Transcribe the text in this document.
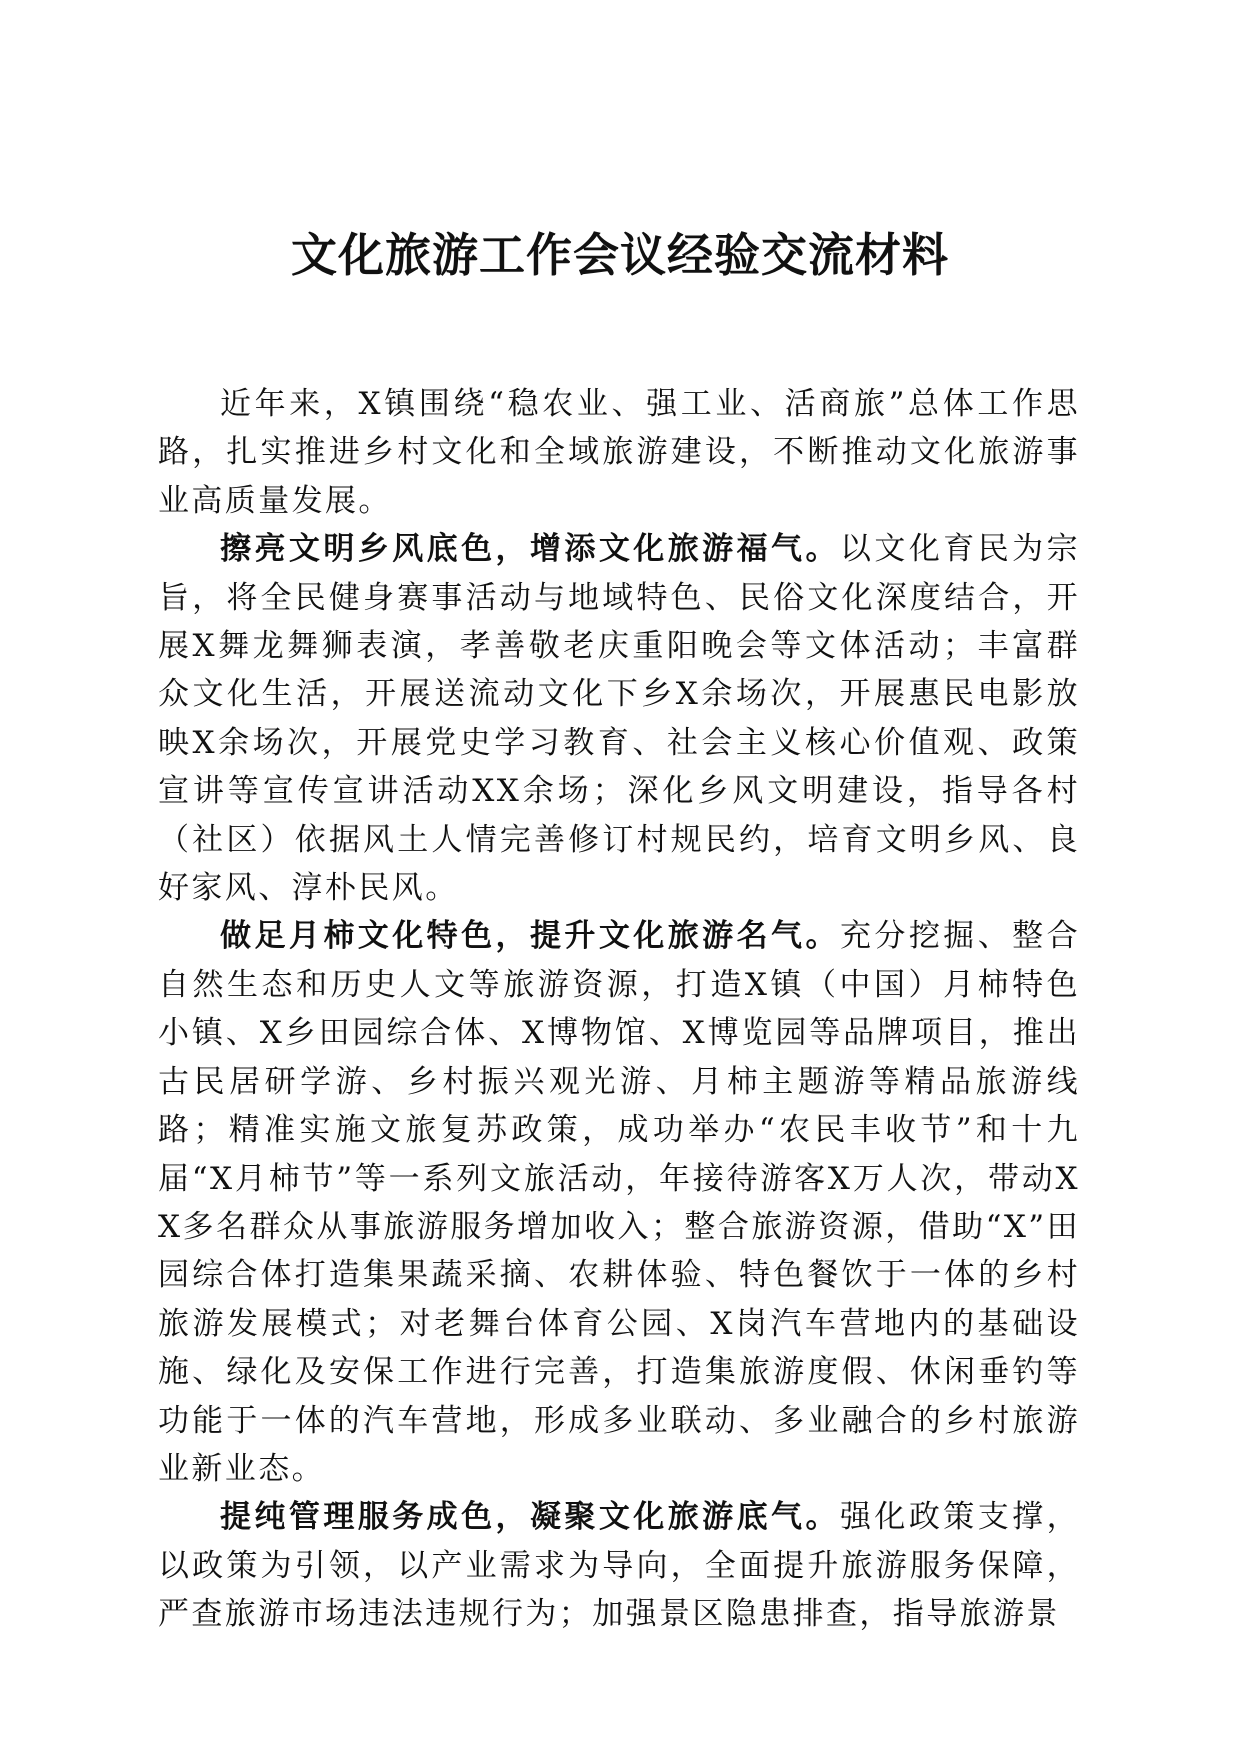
文化旅游工作会议经验交流材料

近年来，X镇围绕“稳农业、强工业、活商旅”总体工作思路，扎实推进乡村文化和全域旅游建设，不断推动文化旅游事业高质量发展。

擦亮文明乡风底色，增添文化旅游福气。以文化育民为宗旨，将全民健身赛事活动与地域特色、民俗文化深度结合，开展X舞龙舞狮表演，孝善敬老庆重阳晚会等文体活动；丰富群众文化生活，开展送流动文化下乡X余场次，开展惠民电影放映X余场次，开展党史学习教育、社会主义核心价值观、政策宣讲等宣传宣讲活动XX余场；深化乡风文明建设，指导各村（社区）依据风土人情完善修订村规民约，培育文明乡风、良好家风、淳朴民风。

做足月柿文化特色，提升文化旅游名气。充分挖掘、整合自然生态和历史人文等旅游资源，打造X镇（中国）月柿特色小镇、X乡田园综合体、X博物馆、X博览园等品牌项目，推出古民居研学游、乡村振兴观光游、月柿主题游等精品旅游线路；精准实施文旅复苏政策，成功举办“农民丰收节”和十九届“X月柿节”等一系列文旅活动，年接待游客X万人次，带动XX多名群众从事旅游服务增加收入；整合旅游资源，借助“X”田园综合体打造集果蔬采摘、农耕体验、特色餐饮于一体的乡村旅游发展模式；对老舞台体育公园、X岗汽车营地内的基础设施、绿化及安保工作进行完善，打造集旅游度假、休闲垂钓等功能于一体的汽车营地，形成多业联动、多业融合的乡村旅游业新业态。

提纯管理服务成色，凝聚文化旅游底气。强化政策支撑，以政策为引领，以产业需求为导向，全面提升旅游服务保障，严查旅游市场违法违规行为；加强景区隐患排查，指导旅游景
